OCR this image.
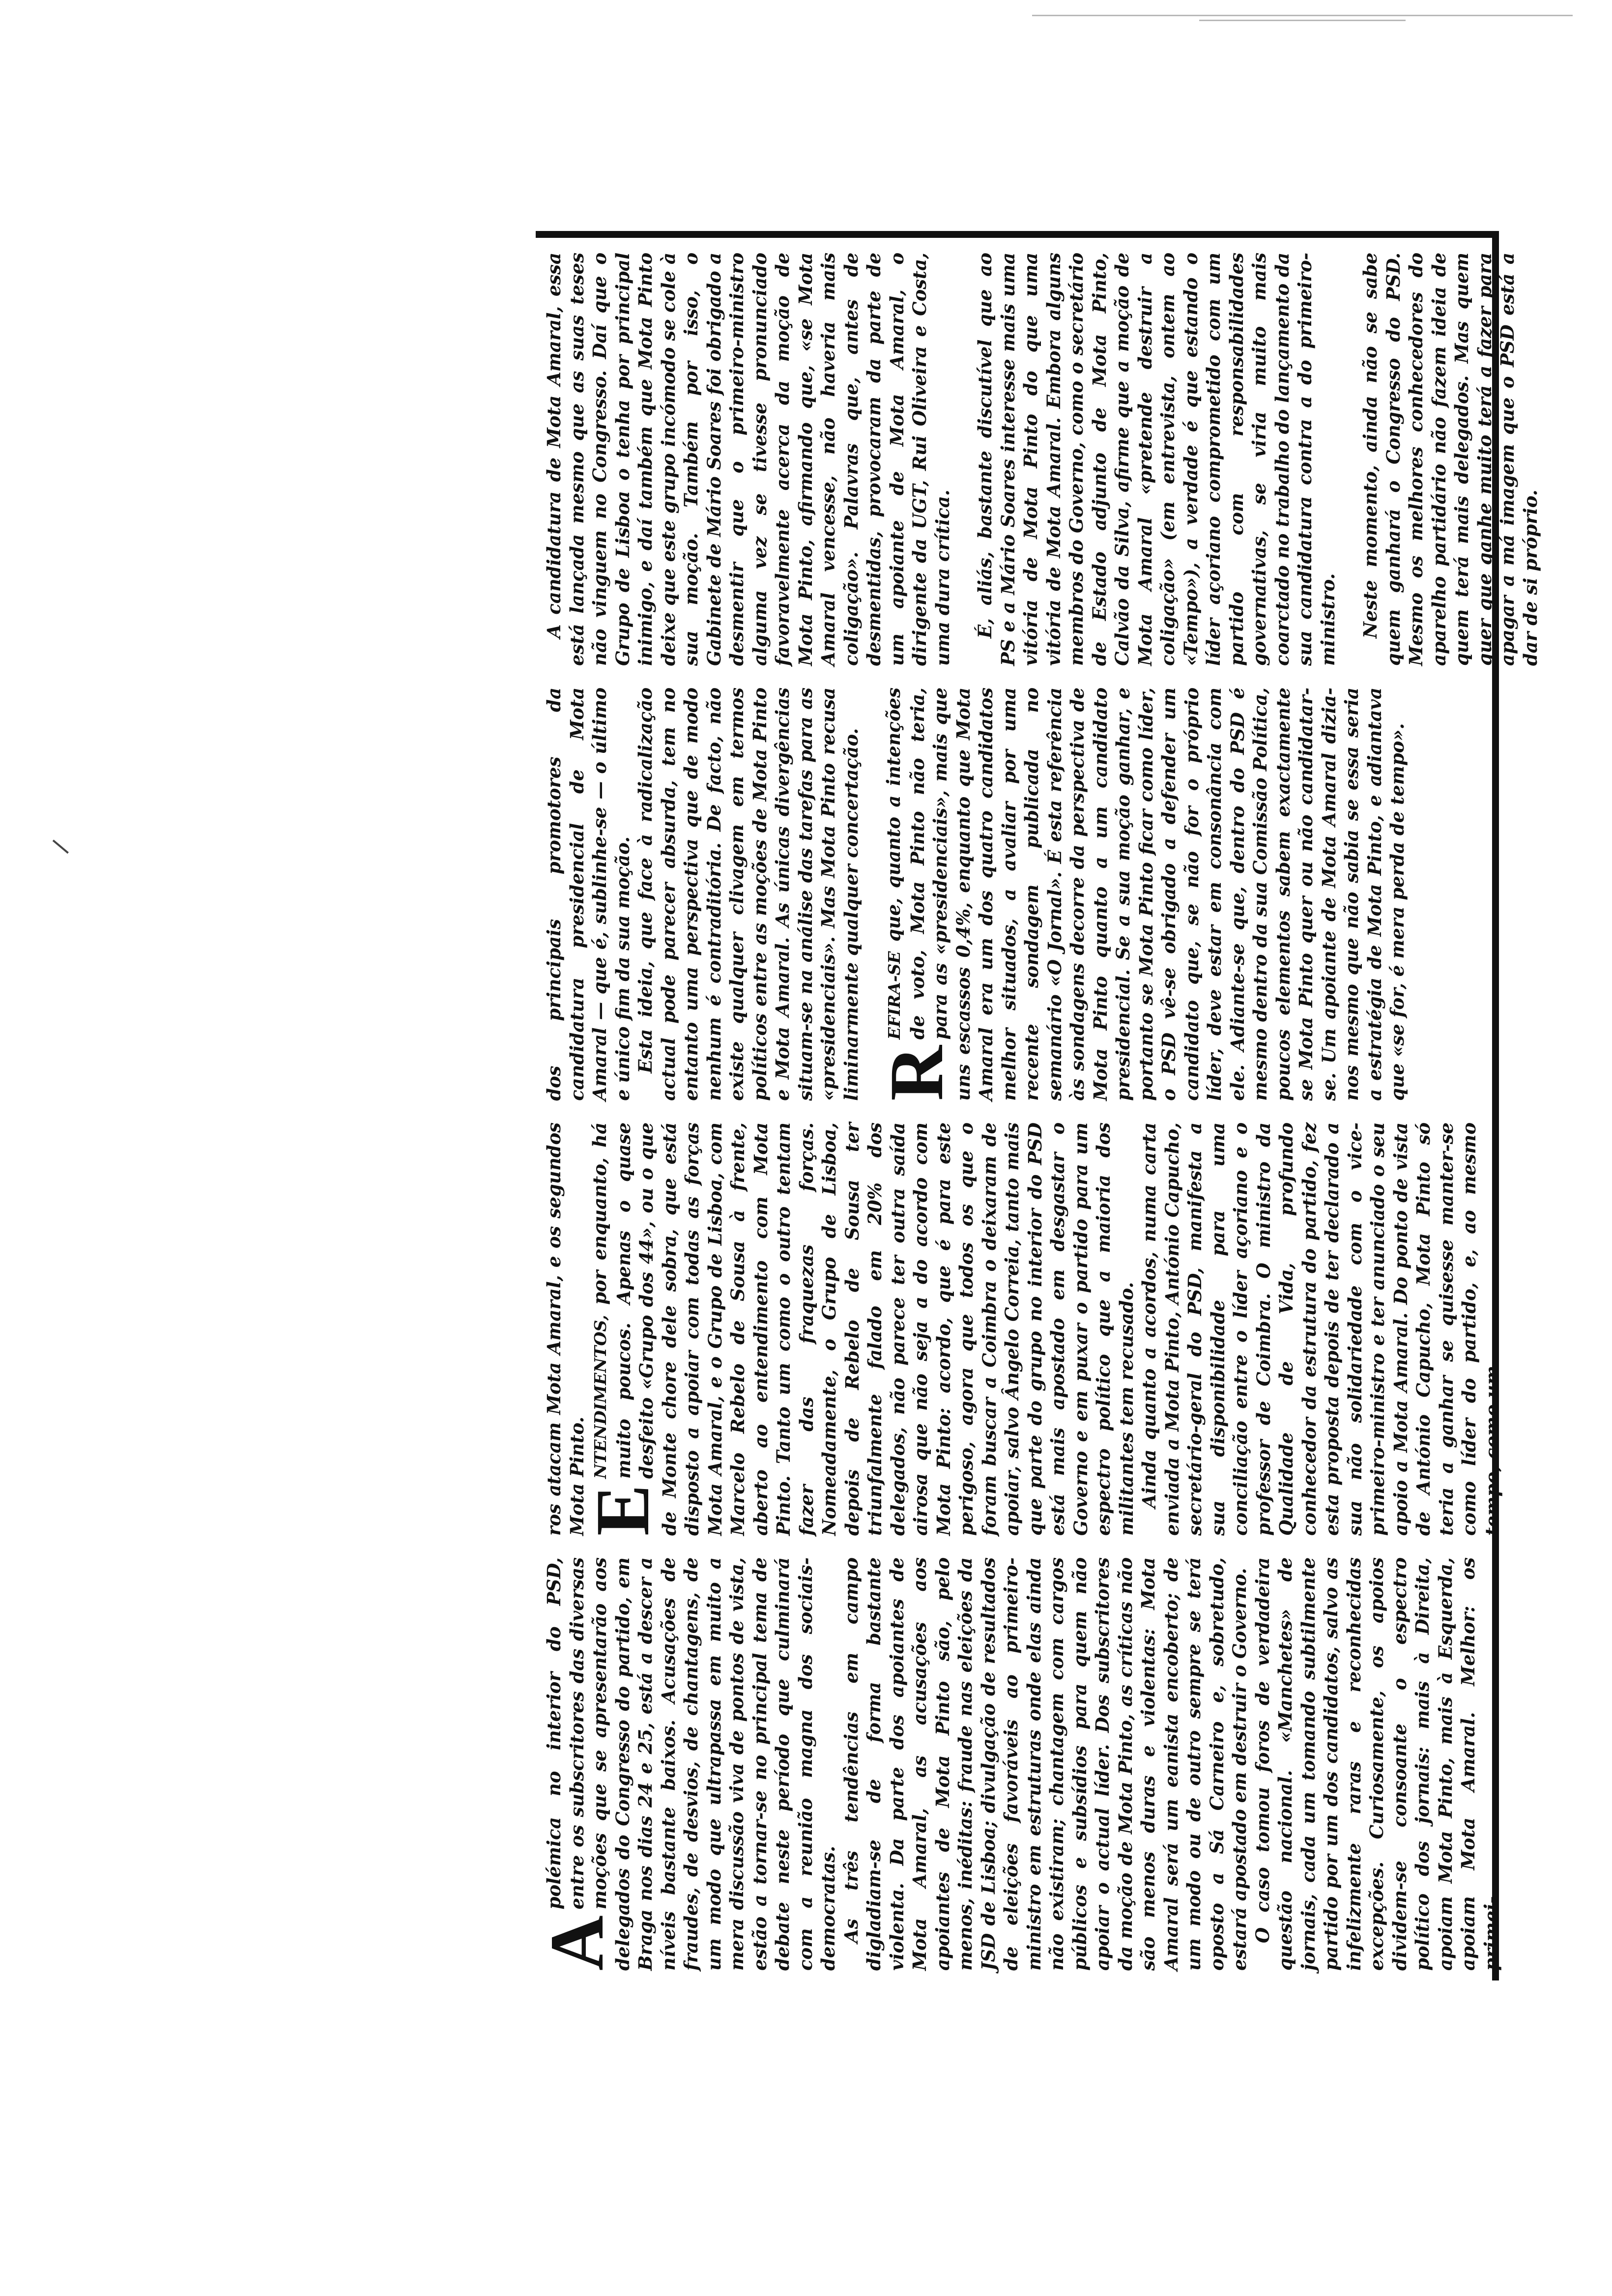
A
polémica no interior do PSD, entre os subscritores das diversas moções que se apresentarão aos delegados do Congresso do partido, em Braga nos dias 24 e 25, está a descer a níveis bastante baixos. Acusações de fraudes, de desvios, de chantagens, de um modo que ultrapassa em muito a mera discussão viva de pontos de vista, estão a tornar-se no principal tema de debate neste período que culminará com a reunião magna dos sociais-democratas. As três tendências em campo digladiam-se de forma bastante violenta. Da parte dos apoiantes de Mota Amaral, as acusações aos apoiantes de Mota Pinto são, pelo menos, inéditas: fraude nas eleições da JSD de Lisboa; divulgação de resultados de eleições favoráveis ao primeiro-ministro em estruturas onde elas ainda não existiram; chantagem com cargos públicos e subsídios para quem não apoiar o actual líder. Dos subscritores da moção de Mota Pinto, as críticas não são menos duras e violentas: Mota Amaral será um eanista encoberto; de um modo ou de outro sempre se terá oposto a Sá Carneiro e, sobretudo, estará apostado em destruir o Governo. O caso tomou foros de verdadeira questão nacional. «Manchetes» de jornais, cada um tomando subtilmente partido por um dos candidatos, salvo as infelizmente raras e reconhecidas excepções. Curiosamente, os apoios dividem-se consoante o espectro político dos jornais: mais à Direita, apoiam Mota Pinto, mais à Esquerda, apoiam Mota Amaral. Melhor: os primei-

ros atacam Mota Amaral, e os segundos Mota Pinto.

E
NTENDIMENTOS, por enquanto, há muito poucos. Apenas o quase desfeito «Grupo dos 44», ou o que de Monte chore dele sobra, que está disposto a apoiar com todas as forças Mota Amaral, e o Grupo de Lisboa, com Marcelo Rebelo de Sousa à frente, aberto ao entendimento com Mota Pinto. Tanto um como o outro tentam fazer das fraquezas forças. Nomeadamente, o Grupo de Lisboa, depois de Rebelo de Sousa ter triunfalmente falado em 20% dos delegados, não parece ter outra saída airosa que não seja a do acordo com Mota Pinto: acordo, que é para este perigoso, agora que todos os que o foram buscar a Coimbra o deixaram de apoiar, salvo Ângelo Correia, tanto mais que parte do grupo no interior do PSD está mais apostado em desgastar o Governo e em puxar o partido para um espectro político que a maioria dos militantes tem recusado. Ainda quanto a acordos, numa carta enviada a Mota Pinto, António Capucho, secretário-geral do PSD, manifesta a sua disponibilidade para uma conciliação entre o líder açoriano e o professor de Coimbra. O ministro da Qualidade de Vida, profundo conhecedor da estrutura do partido, fez esta proposta depois de ter declarado a sua não solidariedade com o vice-primeiro-ministro e ter anunciado o seu apoio a Mota Amaral. Do ponto de vista de António Capucho, Mota Pinto só teria a ganhar se quisesse manter-se como líder do partido, e, ao mesmo tempo, como um

dos principais promotores da candidatura presidencial de Mota Amaral — que é, sublinhe-se — o último e único fim da sua moção. Esta ideia, que face à radicalização actual pode parecer absurda, tem no entanto uma perspectiva que de modo nenhum é contraditória. De facto, não existe qualquer clivagem em termos políticos entre as moções de Mota Pinto e Mota Amaral. As únicas divergências situam-se na análise das tarefas para as «presidenciais». Mas Mota Pinto recusa liminarmente qualquer concertação. R
EFIRA-SE que, quanto a intenções de voto, Mota Pinto não teria, para as «presidenciais», mais que uns escassos 0,4%, enquanto que Mota Amaral era um dos quatro candidatos melhor situados, a avaliar por uma recente sondagem publicada no semanário «O Jornal». É esta referência às sondagens decorre da perspectiva de Mota Pinto quanto a um candidato presidencial. Se a sua moção ganhar, e portanto se Mota Pinto ficar como líder, o PSD vê-se obrigado a defender um candidato que, se não for o próprio líder, deve estar em consonância com ele. Adiante-se que, dentro do PSD é mesmo dentro da sua Comissão Política, poucos elementos sabem exactamente se Mota Pinto quer ou não candidatar-se. Um apoiante de Mota Amaral dizia-nos mesmo que não sabia se essa seria a estratégia de Mota Pinto, e adiantava que «se for, é mera perda de tempo».

A candidatura de Mota Amaral, essa está lançada mesmo que as suas teses não vinguem no Congresso. Daí que o Grupo de Lisboa o tenha por principal inimigo, e daí também que Mota Pinto deixe que este grupo incómodo se cole à sua moção. Também por isso, o Gabinete de Mário Soares foi obrigado a desmentir que o primeiro-ministro alguma vez se tivesse pronunciado favoravelmente acerca da moção de Mota Pinto, afirmando que, «se Mota Amaral vencesse, não haveria mais coligação». Palavras que, antes de desmentidas, provocaram da parte de um apoiante de Mota Amaral, o dirigente da UGT, Rui Oliveira e Costa, uma dura crítica. É, aliás, bastante discutível que ao PS e a Mário Soares interesse mais uma vitória de Mota Pinto do que uma vitória de Mota Amaral. Embora alguns membros do Governo, como o secretário de Estado adjunto de Mota Pinto, Calvão da Silva, afirme que a moção de Mota Amaral «pretende destruir a coligação» (em entrevista, ontem ao «Tempo»), a verdade é que estando o líder açoriano comprometido com um partido com responsabilidades governativas, se viria muito mais coarctado no trabalho do lançamento da sua candidatura contra a do primeiro-ministro. Neste momento, ainda não se sabe quem ganhará o Congresso do PSD. Mesmo os melhores conhecedores do aparelho partidário não fazem ideia de quem terá mais delegados. Mas quem quer que ganhe muito terá a fazer para apagar a má imagem que o PSD está a dar de si próprio.
